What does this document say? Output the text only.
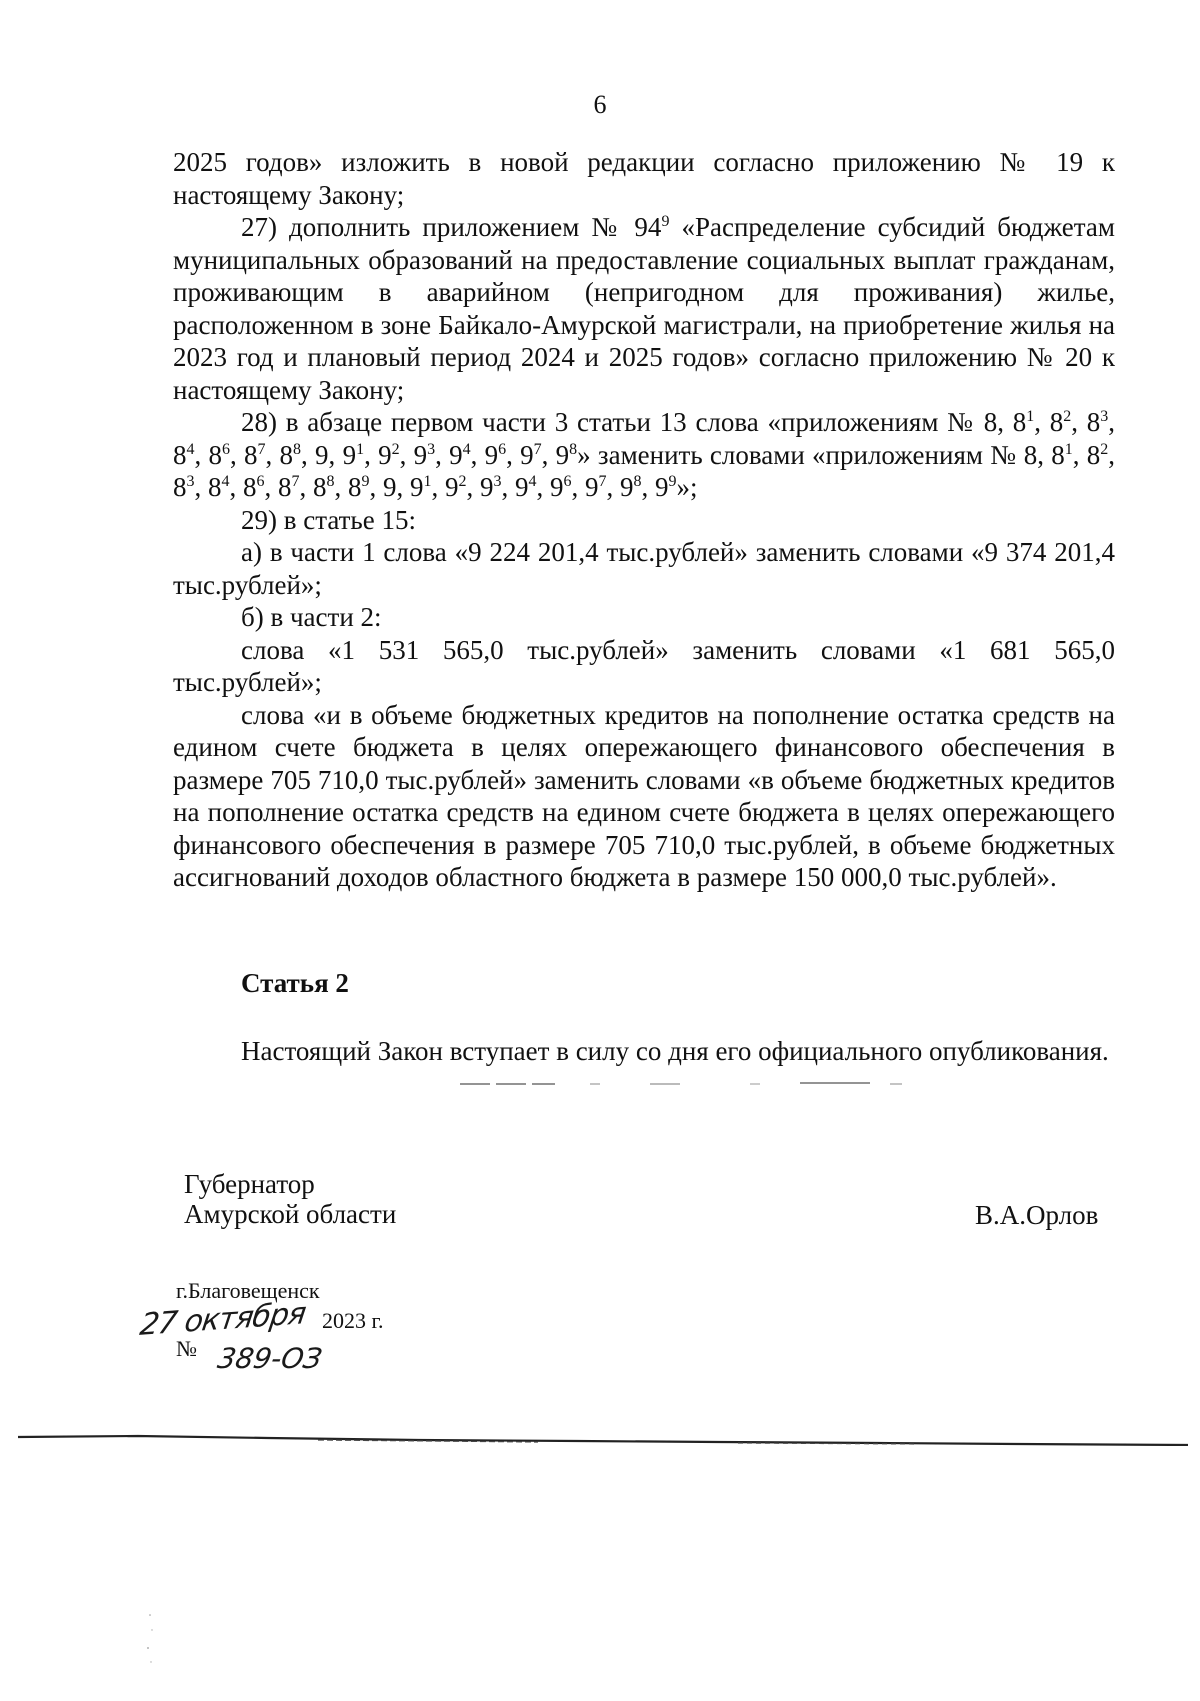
6

2025 годов» изложить в новой редакции согласно приложению № 19 к настоящему Закону;

27) дополнить приложением № $94^9$ «Распределение субсидий бюджетам муниципальных образований на предоставление социальных выплат гражданам, проживающим в аварийном (непригодном для проживания) жилье, расположенном в зоне Байкало-Амурской магистрали, на приобретение жилья на 2023 год и плановый период 2024 и 2025 годов» согласно приложению № 20 к настоящему Закону;

28) в абзаце первом части 3 статьи 13 слова «приложениям № 8, $8^1$, $8^2$, $8^3$, $8^4$, $8^6$, $8^7$, $8^8$, 9, $9^1$, $9^2$, $9^3$, $9^4$, $9^6$, $9^7$, $9^8$» заменить словами «приложениям № 8, $8^1$, $8^2$, $8^3$, $8^4$, $8^6$, $8^7$, $8^8$, $8^9$, 9, $9^1$, $9^2$, $9^3$, $9^4$, $9^6$, $9^7$, $9^8$, $9^9$»;

29) в статье 15:

а) в части 1 слова «9 224 201,4 тыс.рублей» заменить словами «9 374 201,4 тыс.рублей»;

б) в части 2:

слова «1 531 565,0 тыс.рублей» заменить словами «1 681 565,0 тыс.рублей»;

слова «и в объеме бюджетных кредитов на пополнение остатка средств на едином счете бюджета в целях опережающего финансового обеспечения в размере 705 710,0 тыс.рублей» заменить словами «в объеме бюджетных кредитов на пополнение остатка средств на едином счете бюджета в целях опережающего финансового обеспечения в размере 705 710,0 тыс.рублей, в объеме бюджетных ассигнований доходов областного бюджета в размере 150 000,0 тыс.рублей».

Статья 2

Настоящий Закон вступает в силу со дня его официального опубликования.

Губернатор
Амурской области	В.А.Орлов
г.Благовещенск
27 октября 2023 г.
№ 389-ОЗ
